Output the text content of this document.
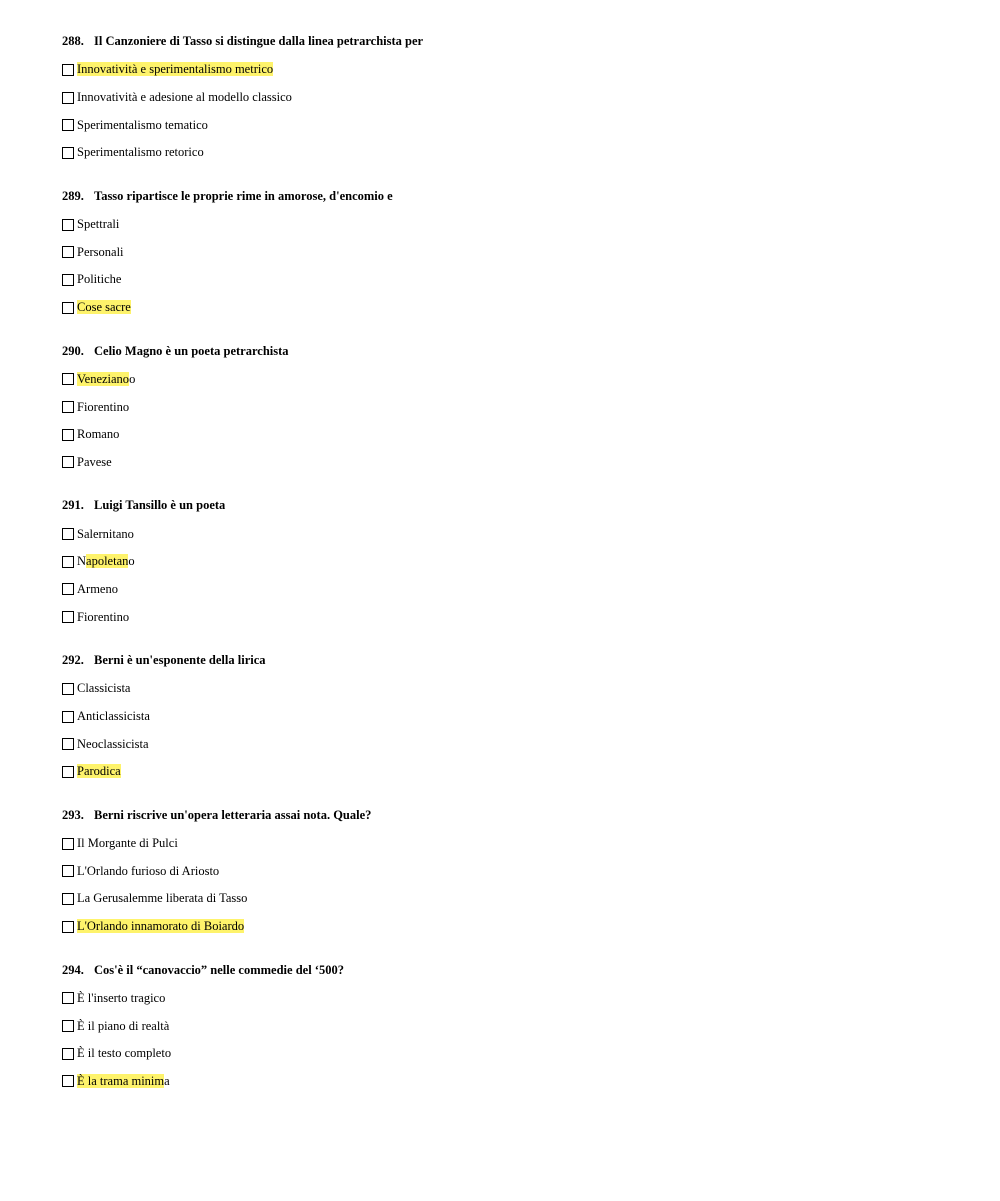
288. Il Canzoniere di Tasso si distingue dalla linea petrarchista per
Innovatività e sperimentalismo metrico
Innovatività e adesione al modello classico
Sperimentalismo tematico
Sperimentalismo retorico
289. Tasso ripartisce le proprie rime in amorose, d'encomio e
Spettrali
Personali
Politiche
Cose sacre
290. Celio Magno è un poeta petrarchista
Venezianoo
Fiorentino
Romano
Pavese
291. Luigi Tansillo è un poeta
Salernitano
Napoletano
Armeno
Fiorentino
292. Berni è un'esponente della lirica
Classicista
Anticlassicista
Neoclassicista
Parodica
293. Berni riscrive un'opera letteraria assai nota. Quale?
Il Morgante di Pulci
L'Orlando furioso di Ariosto
La Gerusalemme liberata di Tasso
L'Orlando innamorato di Boiardo
294. Cos'è il “canovaccio” nelle commedie del ‘500?
È l'inserto tragico
È il piano di realtà
È il testo completo
È la trama minima
